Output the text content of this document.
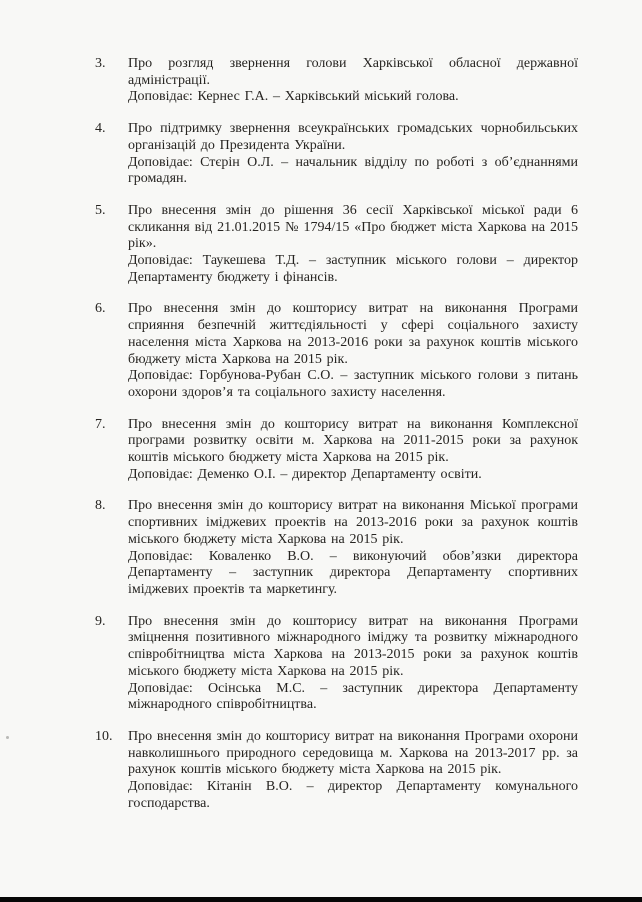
3.	Про розгляд звернення голови Харківської обласної державної адміністрації.

Доповідає: Кернес Г.А. – Харківський міський голова.

4.	Про підтримку звернення всеукраїнських громадських чорнобильських організацій до Президента України.

Доповідає: Стєрін О.Л. – начальник відділу по роботі з об’єднаннями громадян.

5.	Про внесення змін до рішення 36 сесії Харківської міської ради 6 скликання від 21.01.2015 № 1794/15 «Про бюджет міста Харкова на 2015 рік».

Доповідає: Таукешева Т.Д. – заступник міського голови – директор Департаменту бюджету і фінансів.

6.	Про внесення змін до кошторису витрат на виконання Програми сприяння безпечній життєдіяльності у сфері соціального захисту населення міста Харкова на 2013-2016 роки за рахунок коштів міського бюджету міста Харкова на 2015 рік.

Доповідає: Горбунова-Рубан С.О. – заступник міського голови з питань охорони здоров’я та соціального захисту населення.

7.	Про внесення змін до кошторису витрат на виконання Комплексної програми розвитку освіти м. Харкова на 2011-2015 роки за рахунок коштів міського бюджету міста Харкова на 2015 рік.

Доповідає: Деменко О.І. – директор Департаменту освіти.

8.	Про внесення змін до кошторису витрат на виконання Міської програми спортивних іміджевих проектів на 2013-2016 роки за рахунок коштів міського бюджету міста Харкова на 2015 рік.

Доповідає: Коваленко В.О. – виконуючий обов’язки директора Департаменту – заступник директора Департаменту спортивних іміджевих проектів та маркетингу.

9.	Про внесення змін до кошторису витрат на виконання Програми зміцнення позитивного міжнародного іміджу та розвитку міжнародного співробітництва міста Харкова на 2013-2015 роки за рахунок коштів міського бюджету міста Харкова на 2015 рік.

Доповідає: Осінська М.С. – заступник директора Департаменту міжнародного співробітництва.

10.	Про внесення змін до кошторису витрат на виконання Програми охорони навколишнього природного середовища м. Харкова на 2013-2017 рр. за рахунок коштів міського бюджету міста Харкова на 2015 рік.

Доповідає: Кітанін В.О. – директор Департаменту комунального господарства.
